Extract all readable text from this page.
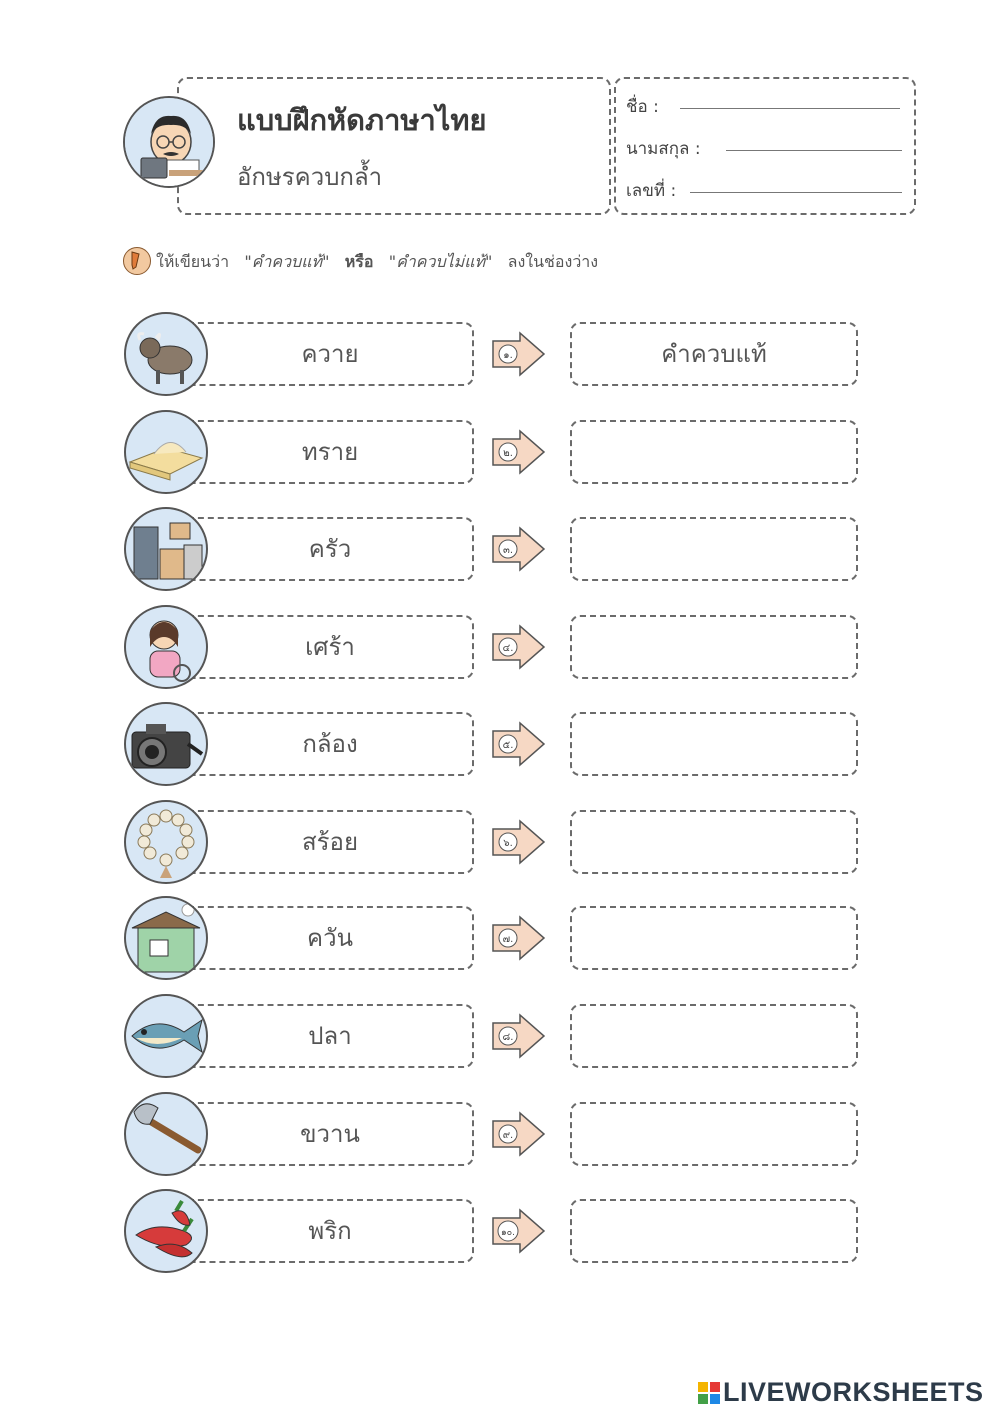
แบบฝึกหัดภาษาไทย
อักษรควบกล้ำ
ชื่อ :
นามสกุล :
เลขที่ :
ให้เขียนว่า "คำควบแท้" หรือ "คำควบไม่แท้" ลงในช่องว่าง
ควาย	๑.	คำควบแท้
ทราย	๒.
ครัว	๓.
เศร้า	๔.
กล้อง	๕.
สร้อย	๖.
ควัน	๗.
ปลา	๘.
ขวาน	๙.
พริก	๑๐.
LIVEWORKSHEETS
